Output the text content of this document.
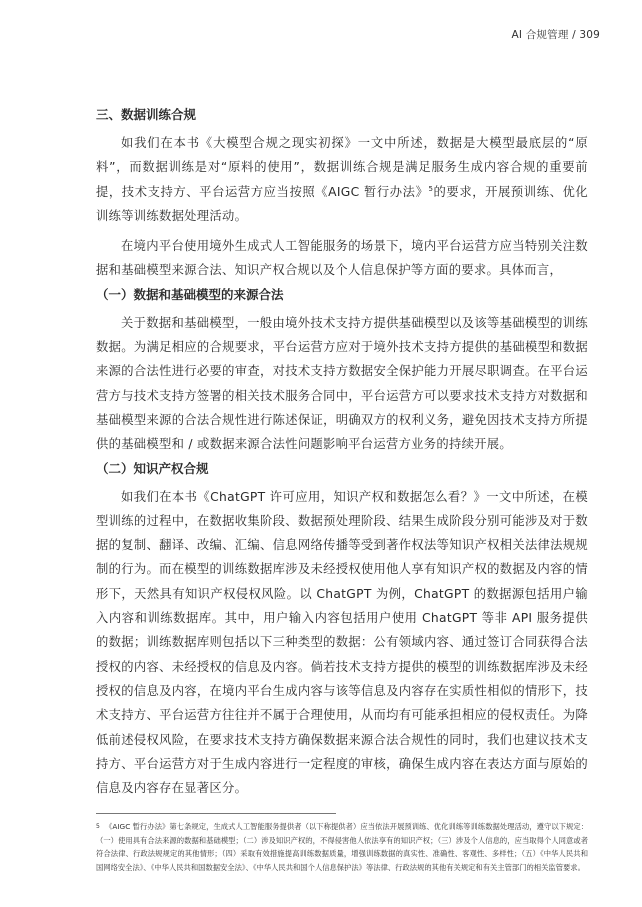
AI 合规管理 / 309

三、数据训练合规

如我们在本书《大模型合规之现实初探》一文中所述，数据是大模型最底层的“原料”，而数据训练是对“原料的使用”，数据训练合规是满足服务生成内容合规的重要前提，技术支持方、平台运营方应当按照《AIGC 暂行办法》$^5$的要求，开展预训练、优化训练等训练数据处理活动。

在境内平台使用境外生成式人工智能服务的场景下，境内平台运营方应当特别关注数据和基础模型来源合法、知识产权合规以及个人信息保护等方面的要求。具体而言，

（一）数据和基础模型的来源合法

关于数据和基础模型，一般由境外技术支持方提供基础模型以及该等基础模型的训练数据。为满足相应的合规要求，平台运营方应对于境外技术支持方提供的基础模型和数据来源的合法性进行必要的审查，对技术支持方数据安全保护能力开展尽职调查。在平台运营方与技术支持方签署的相关技术服务合同中，平台运营方可以要求技术支持方对数据和基础模型来源的合法合规性进行陈述保证，明确双方的权利义务，避免因技术支持方所提供的基础模型和 / 或数据来源合法性问题影响平台运营方业务的持续开展。

（二）知识产权合规

如我们在本书《ChatGPT 许可应用，知识产权和数据怎么看？》一文中所述，在模型训练的过程中，在数据收集阶段、数据预处理阶段、结果生成阶段分别可能涉及对于数据的复制、翻译、改编、汇编、信息网络传播等受到著作权法等知识产权相关法律法规规制的行为。而在模型的训练数据库涉及未经授权使用他人享有知识产权的数据及内容的情形下，天然具有知识产权侵权风险。以 ChatGPT 为例，ChatGPT 的数据源包括用户输入内容和训练数据库。其中，用户输入内容包括用户使用 ChatGPT 等非 API 服务提供的数据；训练数据库则包括以下三种类型的数据：公有领域内容、通过签订合同获得合法授权的内容、未经授权的信息及内容。倘若技术支持方提供的模型的训练数据库涉及未经授权的信息及内容，在境内平台生成内容与该等信息及内容存在实质性相似的情形下，技术支持方、平台运营方往往并不属于合理使用，从而均有可能承担相应的侵权责任。为降低前述侵权风险，在要求技术支持方确保数据来源合法合规性的同时，我们也建议技术支持方、平台运营方对于生成内容进行一定程度的审核，确保生成内容在表达方面与原始的信息及内容存在显著区分。

5 《AIGC 暂行办法》第七条规定，生成式人工智能服务提供者（以下称提供者）应当依法开展预训练、优化训练等训练数据处理活动，遵守以下规定：（一）使用具有合法来源的数据和基础模型；（二）涉及知识产权的，不得侵害他人依法享有的知识产权；（三）涉及个人信息的，应当取得个人同意或者符合法律、行政法规规定的其他情形；（四）采取有效措施提高训练数据质量，增强训练数据的真实性、准确性、客观性、多样性；（五）《中华人民共和国网络安全法》、《中华人民共和国数据安全法》、《中华人民共和国个人信息保护法》等法律、行政法规的其他有关规定和有关主管部门的相关监管要求。
